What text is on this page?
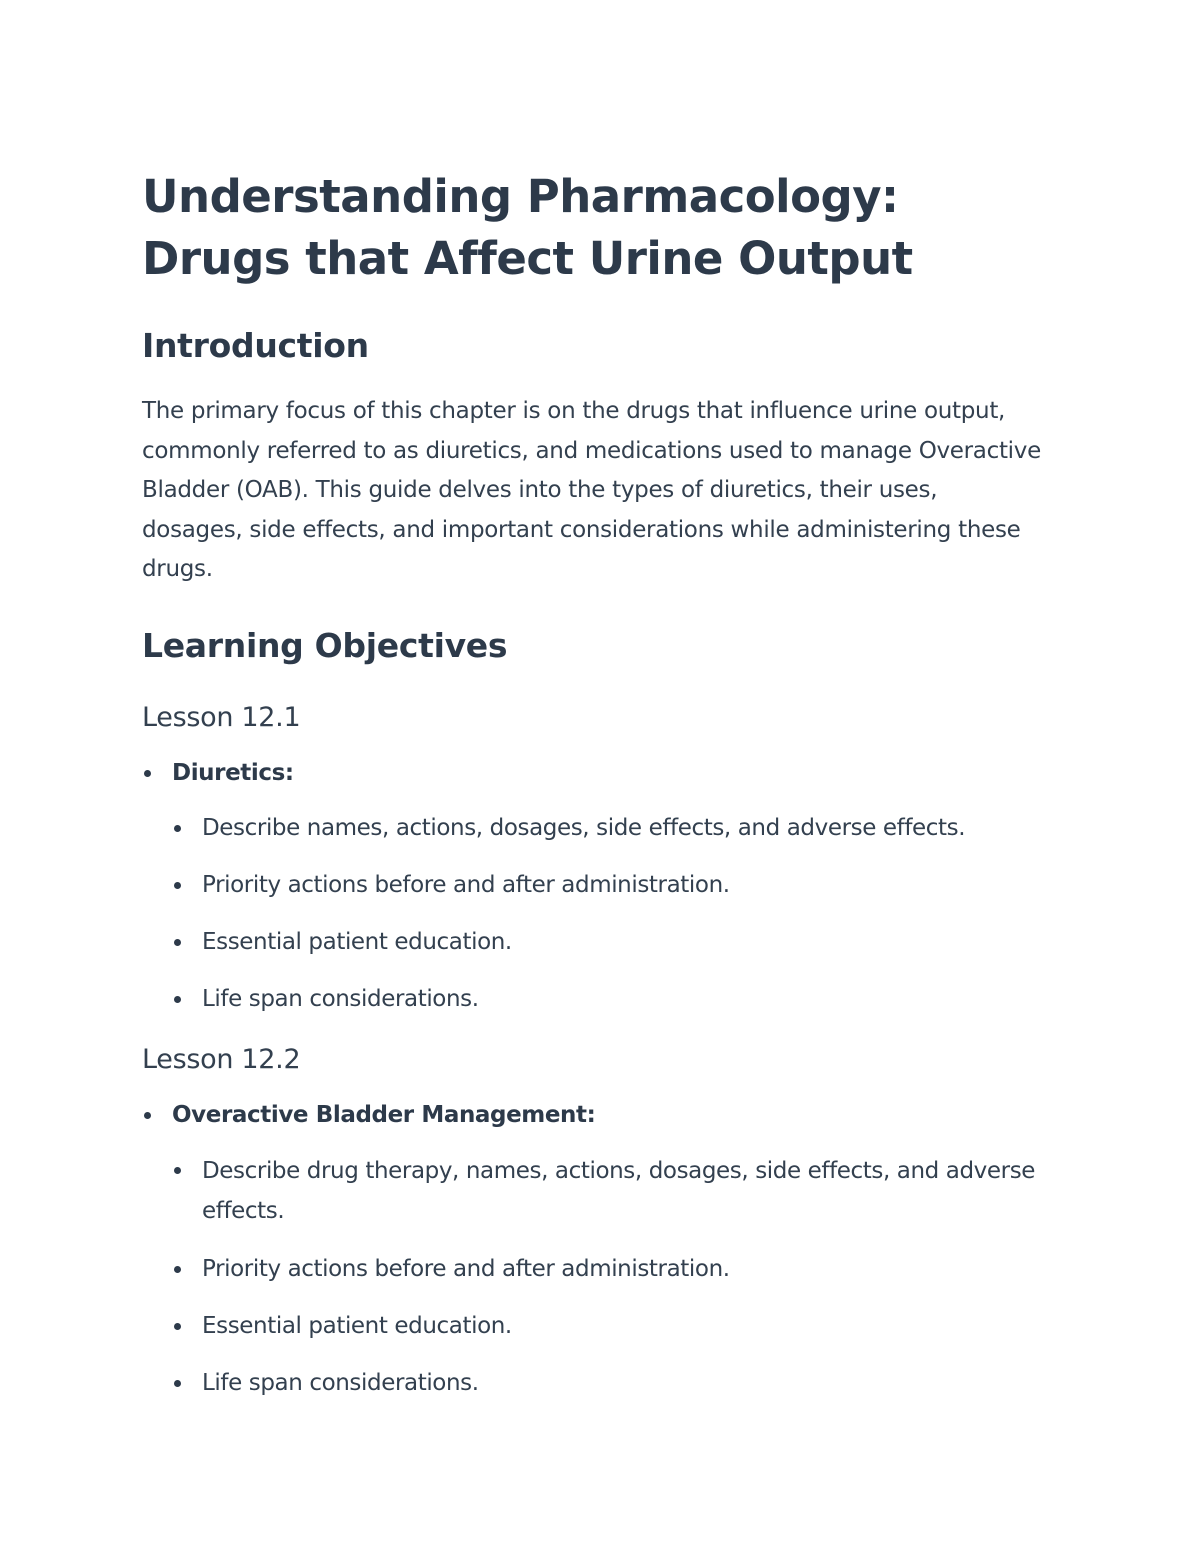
Understanding Pharmacology: Drugs that Affect Urine Output
Introduction

The primary focus of this chapter is on the drugs that influence urine output, commonly referred to as diuretics, and medications used to manage Overactive Bladder (OAB). This guide delves into the types of diuretics, their uses, dosages, side effects, and important considerations while administering these drugs.

Learning Objectives
Lesson 12.1
Diuretics:
Describe names, actions, dosages, side effects, and adverse effects.
Priority actions before and after administration.
Essential patient education.
Life span considerations.
Lesson 12.2
Overactive Bladder Management:
Describe drug therapy, names, actions, dosages, side effects, and adverse effects.
Priority actions before and after administration.
Essential patient education.
Life span considerations.
